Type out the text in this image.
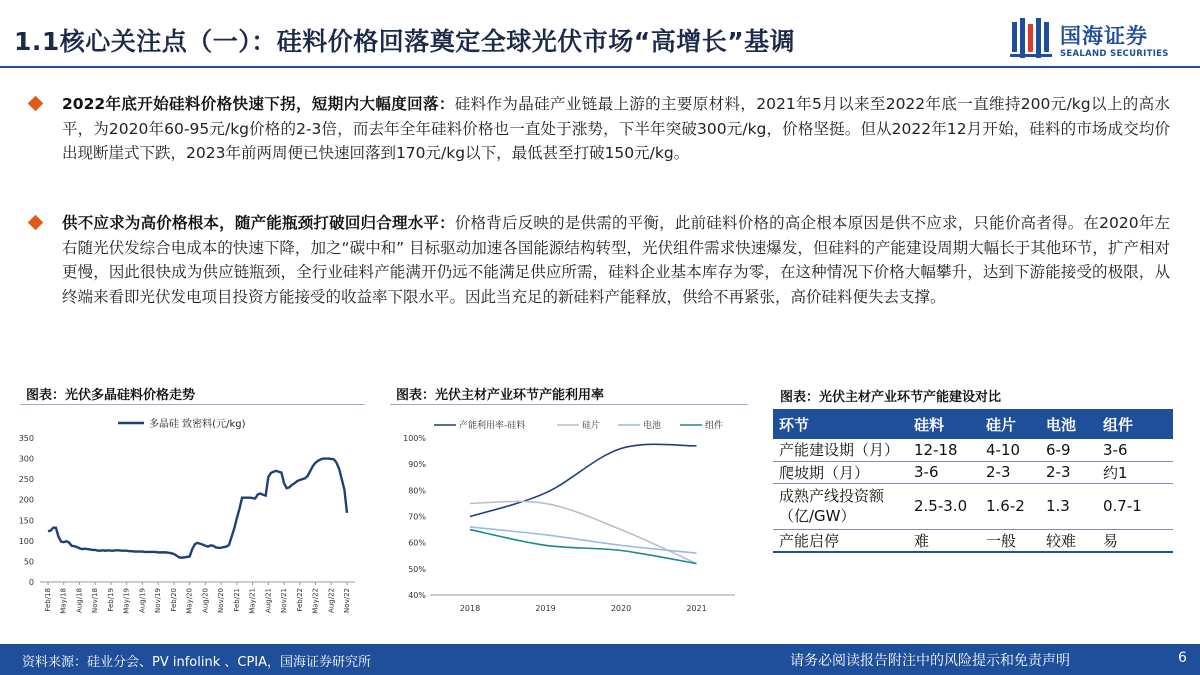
1.1核心关注点（一）：硅料价格回落奠定全球光伏市场“高增长”基调	国海证券
SEALAND SECURITIES
2022年底开始硅料价格快速下拐，短期内大幅度回落：硅料作为晶硅产业链最上游的主要原材料，2021年5月以来至2022年底一直维持200元/kg以上的高水平，为2020年60-95元/kg价格的2-3倍，而去年全年硅料价格也一直处于涨势，下半年突破300元/kg，价格坚挺。但从2022年12月开始，硅料的市场成交均价出现断崖式下跌，2023年前两周便已快速回落到170元/kg以下，最低甚至打破150元/kg。
供不应求为高价格根本，随产能瓶颈打破回归合理水平：价格背后反映的是供需的平衡，此前硅料价格的高企根本原因是供不应求，只能价高者得。在2020年左右随光伏发综合电成本的快速下降，加之“碳中和” 目标驱动加速各国能源结构转型，光伏组件需求快速爆发，但硅料的产能建设周期大幅长于其他环节，扩产相对更慢，因此很快成为供应链瓶颈，全行业硅料产能满开仍远不能满足供应所需，硅料企业基本库存为零，在这种情况下价格大幅攀升，达到下游能接受的极限，从终端来看即光伏发电项目投资方能接受的收益率下限水平。因此当充足的新硅料产能释放，供给不再紧张，高价硅料便失去支撑。
图表：光伏多晶硅料价格走势	图表：光伏主材产业环节产能利用率	图表：光伏主材产业环节产能建设对比
0
50
100
150
200
250
300
350
Feb/18 May/18 Aug/18 Nov/18 Feb/19 May/19 Aug/19 Nov/19 Feb/20 May/20 Aug/20 Nov/20 Feb/21 May/21 Aug/21 Nov/21 Feb/22 May/22 Aug/22 Nov/22
多晶硅 致密料(元/kg)
40%
50%
60%
70%
80%
90%
100%
2018	2019	2020	2021
产能利用率-硅料	硅片	电池	组件	环节	硅料	硅片	电池	组件
产能建设期（月）	12-18	4-10	6-9	3-6
爬坡期（月）	3-6	2-3	2-3	约1
成熟产线投资额（亿/GW）	2.5-3.0	1.6-2	1.3	0.7-1
产能启停	难	一般	较难	易
资料来源：硅业分会、PV infolink 、CPIA，国海证券研究所	请务必阅读报告附注中的风险提示和免责声明	6
